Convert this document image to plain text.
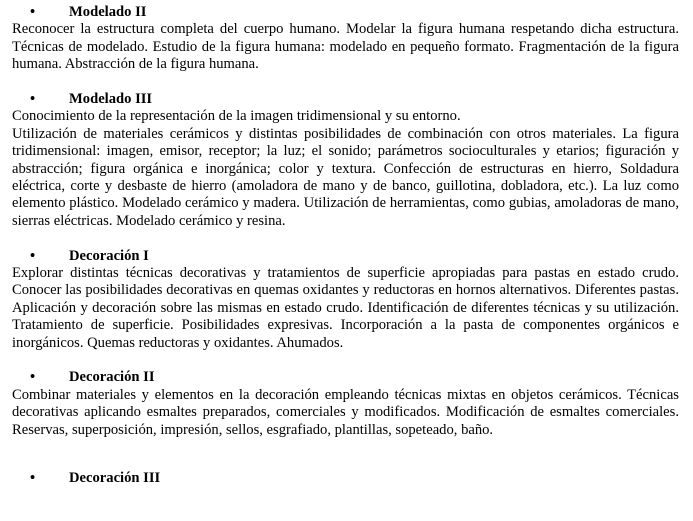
• Modelado II

Reconocer la estructura completa del cuerpo humano. Modelar la figura humana respetando dicha estructura. Técnicas de modelado. Estudio de la figura humana: modelado en pequeño formato. Fragmentación de la figura humana. Abstracción de la figura humana.

• Modelado III

Conocimiento de la representación de la imagen tridimensional y su entorno.

Utilización de materiales cerámicos y distintas posibilidades de combinación con otros materiales. La figura tridimensional: imagen, emisor, receptor; la luz; el sonido; parámetros socioculturales y etarios; figuración y abstracción; figura orgánica e inorgánica; color y textura. Confección de estructuras en hierro, Soldadura eléctrica, corte y desbaste de hierro (amoladora de mano y de banco, guillotina, dobladora, etc.). La luz como elemento plástico. Modelado cerámico y madera. Utilización de herramientas, como gubias, amoladoras de mano, sierras eléctricas. Modelado cerámico y resina.

• Decoración I

Explorar distintas técnicas decorativas y tratamientos de superficie apropiadas para pastas en estado crudo. Conocer las posibilidades decorativas en quemas oxidantes y reductoras en hornos alternativos. Diferentes pastas. Aplicación y decoración sobre las mismas en estado crudo. Identificación de diferentes técnicas y su utilización. Tratamiento de superficie. Posibilidades expresivas. Incorporación a la pasta de componentes orgánicos e inorgánicos. Quemas reductoras y oxidantes. Ahumados.

• Decoración II

Combinar materiales y elementos en la decoración empleando técnicas mixtas en objetos cerámicos. Técnicas decorativas aplicando esmaltes preparados, comerciales y modificados. Modificación de esmaltes comerciales. Reservas, superposición, impresión, sellos, esgrafiado, plantillas, sopeteado, baño.

• Decoración III
